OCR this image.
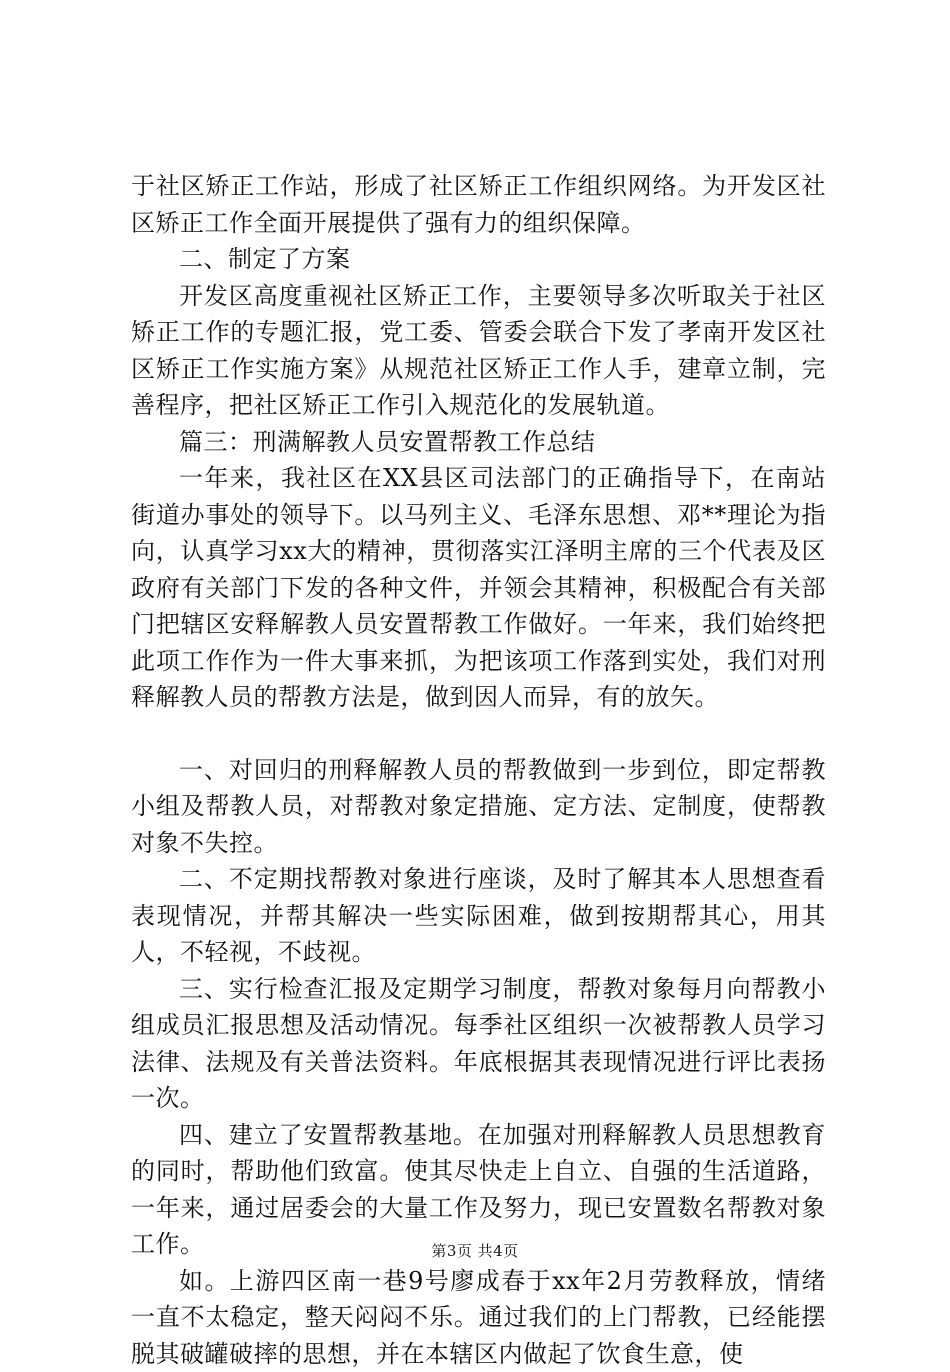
于社区矫正工作站，形成了社区矫正工作组织网络。为开发区社区矫正工作全面开展提供了强有力的组织保障。

二、制定了方案

开发区高度重视社区矫正工作，主要领导多次听取关于社区矫正工作的专题汇报，党工委、管委会联合下发了孝南开发区社区矫正工作实施方案》从规范社区矫正工作人手，建章立制，完善程序，把社区矫正工作引入规范化的发展轨道。

篇三：刑满解教人员安置帮教工作总结

一年来，我社区在XX县区司法部门的正确指导下，在南站街道办事处的领导下。以马列主义、毛泽东思想、邓**理论为指向，认真学习xx大的精神，贯彻落实江泽明主席的三个代表及区政府有关部门下发的各种文件，并领会其精神，积极配合有关部门把辖区安释解教人员安置帮教工作做好。一年来，我们始终把此项工作作为一件大事来抓，为把该项工作落到实处，我们对刑释解教人员的帮教方法是，做到因人而异，有的放矢。

一、对回归的刑释解教人员的帮教做到一步到位，即定帮教小组及帮教人员，对帮教对象定措施、定方法、定制度，使帮教对象不失控。

二、不定期找帮教对象进行座谈，及时了解其本人思想查看表现情况，并帮其解决一些实际困难，做到按期帮其心，用其人，不轻视，不歧视。

三、实行检查汇报及定期学习制度，帮教对象每月向帮教小组成员汇报思想及活动情况。每季社区组织一次被帮教人员学习法律、法规及有关普法资料。年底根据其表现情况进行评比表扬一次。

四、建立了安置帮教基地。在加强对刑释解教人员思想教育的同时，帮助他们致富。使其尽快走上自立、自强的生活道路，一年来，通过居委会的大量工作及努力，现已安置数名帮教对象工作。

如。上游四区南一巷9号廖成春于xx年2月劳教释放，情绪一直不太稳定，整天闷闷不乐。通过我们的上门帮教，已经能摆脱其破罐破摔的思想，并在本辖区内做起了饮食生意，使

第3页 共4页
